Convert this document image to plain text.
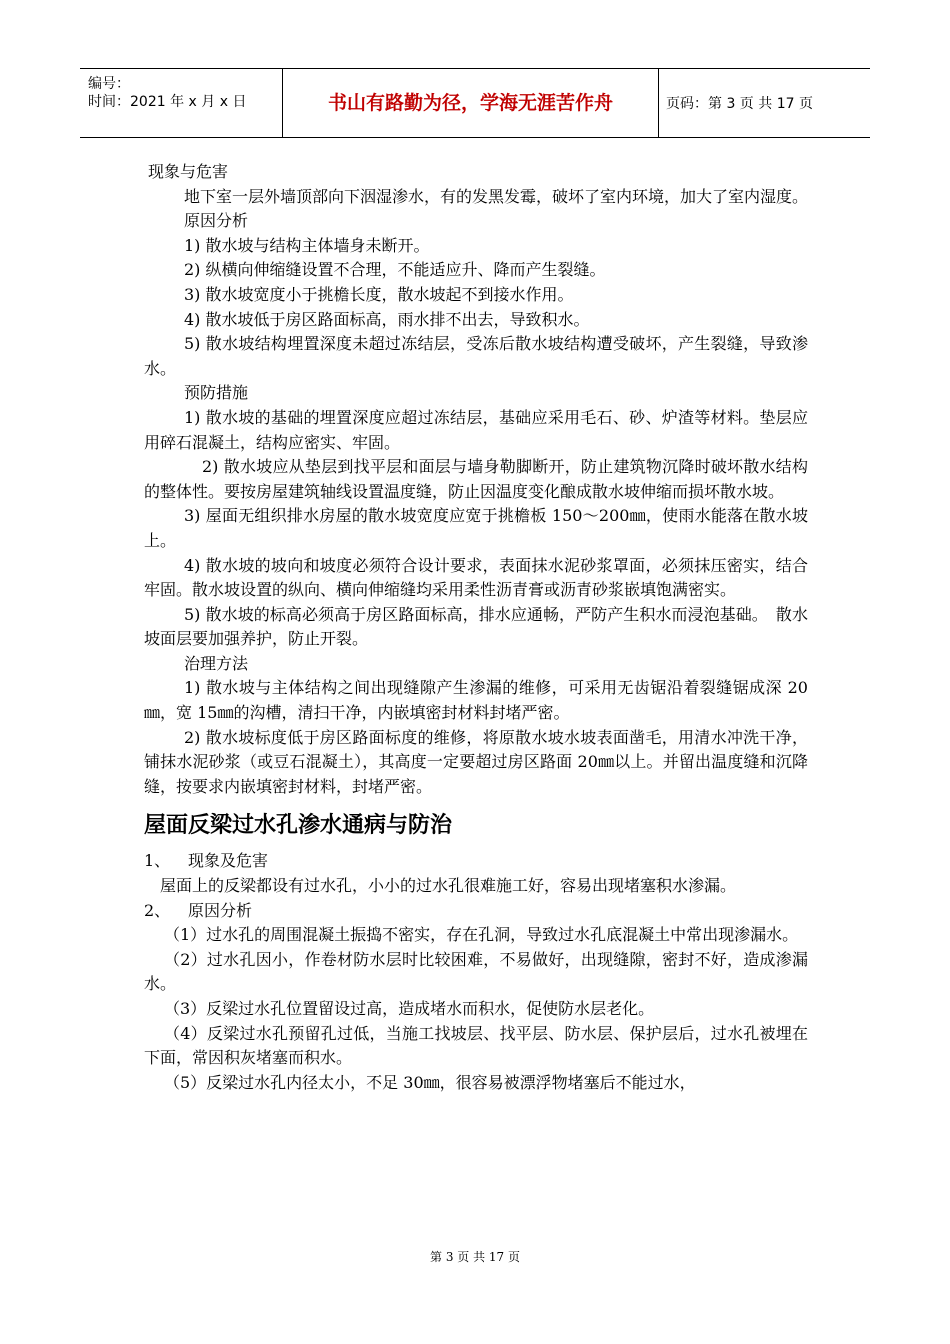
编号：
时间：2021 年 x 月 x 日	书山有路勤为径，学海无涯苦作舟	页码：第 3 页 共 17 页

现象与危害

地下室一层外墙顶部向下洇湿渗水，有的发黑发霉，破坏了室内环境，加大了室内湿度。

原因分析

1) 散水坡与结构主体墙身未断开。

2) 纵横向伸缩缝设置不合理，不能适应升、降而产生裂缝。

3) 散水坡宽度小于挑檐长度，散水坡起不到接水作用。

4) 散水坡低于房区路面标高，雨水排不出去，导致积水。

5) 散水坡结构埋置深度未超过冻结层，受冻后散水坡结构遭受破坏，产生裂缝，导致渗水。

预防措施

1) 散水坡的基础的埋置深度应超过冻结层，基础应采用毛石、砂、炉渣等材料。垫层应用碎石混凝土，结构应密实、牢固。

2) 散水坡应从垫层到找平层和面层与墙身勒脚断开，防止建筑物沉降时破坏散水结构的整体性。要按房屋建筑轴线设置温度缝，防止因温度变化酿成散水坡伸缩而损坏散水坡。

3) 屋面无组织排水房屋的散水坡宽度应宽于挑檐板 150～200㎜，使雨水能落在散水坡上。

4) 散水坡的坡向和坡度必须符合设计要求，表面抹水泥砂浆罩面，必须抹压密实，结合牢固。散水坡设置的纵向、横向伸缩缝均采用柔性沥青膏或沥青砂浆嵌填饱满密实。

5) 散水坡的标高必须高于房区路面标高，排水应通畅，严防产生积水而浸泡基础。　散水坡面层要加强养护，防止开裂。

治理方法

1) 散水坡与主体结构之间出现缝隙产生渗漏的维修，可采用无齿锯沿着裂缝锯成深 20㎜，宽 15㎜的沟槽，清扫干净，内嵌填密封材料封堵严密。

2) 散水坡标度低于房区路面标度的维修，将原散水坡水坡表面凿毛，用清水冲洗干净，铺抹水泥砂浆（或豆石混凝土），其高度一定要超过房区路面 20㎜以上。并留出温度缝和沉降缝，按要求内嵌填密封材料，封堵严密。

屋面反梁过水孔渗水通病与防治

1、 现象及危害

屋面上的反梁都设有过水孔，小小的过水孔很难施工好，容易出现堵塞积水渗漏。

2、 原因分析

（1）过水孔的周围混凝土振捣不密实，存在孔洞，导致过水孔底混凝土中常出现渗漏水。

（2）过水孔因小，作卷材防水层时比较困难，不易做好，出现缝隙，密封不好，造成渗漏水。

（3）反梁过水孔位置留设过高，造成堵水而积水，促使防水层老化。

（4）反梁过水孔预留孔过低，当施工找坡层、找平层、防水层、保护层后，过水孔被埋在下面，常因积灰堵塞而积水。

（5）反梁过水孔内径太小，不足 30㎜，很容易被漂浮物堵塞后不能过水，

第 3 页 共 17 页
